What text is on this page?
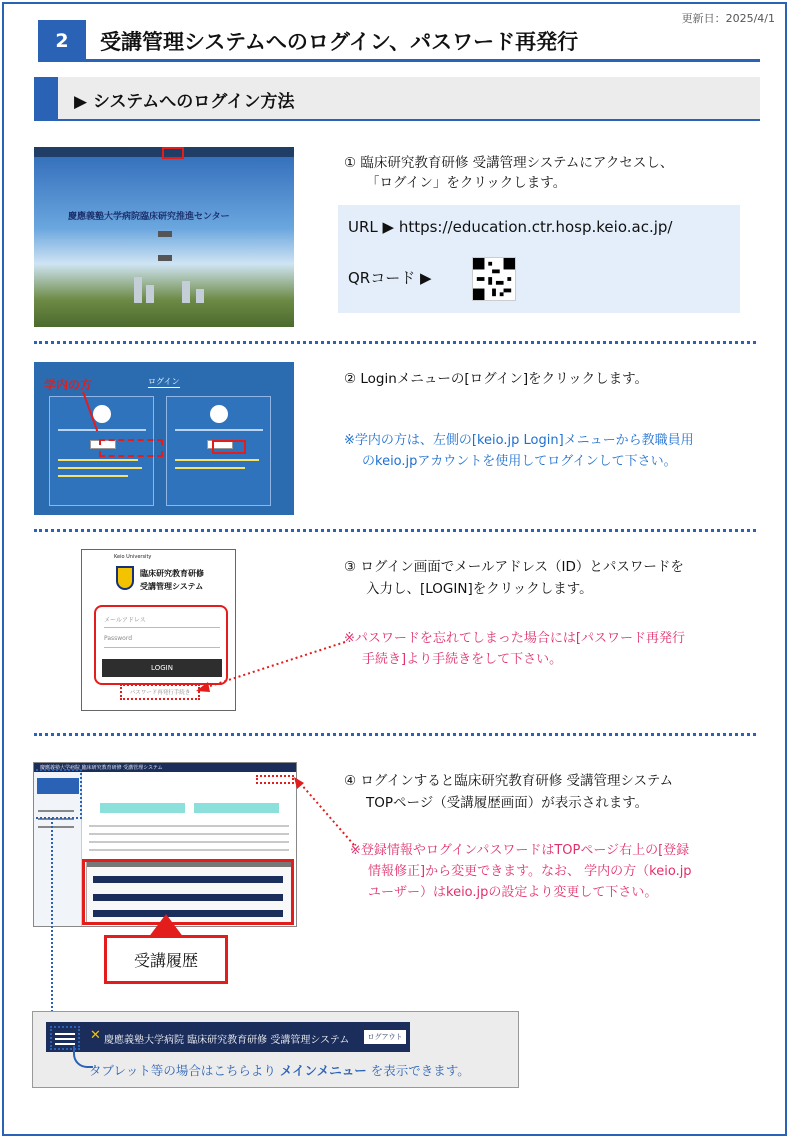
更新日：2025/4/1
2	受講管理システムへのログイン、パスワード再発行
▶ システムへのログイン方法
慶應義塾大学病院臨床研究推進センター
① 臨床研究教育研修 受講管理システムにアクセスし、
「ログイン」をクリックします。
URL ▶ https://education.ctr.hosp.keio.ac.jp/
QRコード ▶
学内の方	ログイン	② Loginメニューの[ログイン]をクリックします。
※学内の方は、左側の[keio.jp Login]メニューから教職員用
のkeio.jpアカウントを使用してログインして下さい。
Keio University
臨床研究教育研修
受講管理システム
メールアドレス
Password
LOGIN
パスワード再発行手続き
③ ログイン画面でメールアドレス（ID）とパスワードを
入力し、[LOGIN]をクリックします。
※パスワードを忘れてしまった場合には[パスワード再発行
手続き]より手続きをして下さい。
慶應義塾大学病院 臨床研究教育研修 受講管理システム
④ ログインすると臨床研究教育研修 受講管理システム
TOPページ（受講履歴画面）が表示されます。
※登録情報やログインパスワードはTOPページ右上の[登録
情報修正]から変更できます。なお、 学内の方（keio.jp
ユーザー）はkeio.jpの設定より変更して下さい。
受講履歴
✕ 慶應義塾大学病院 臨床研究教育研修 受講管理システム	ログアウト
タブレット等の場合はこちらより メインメニュー を表示できます。
